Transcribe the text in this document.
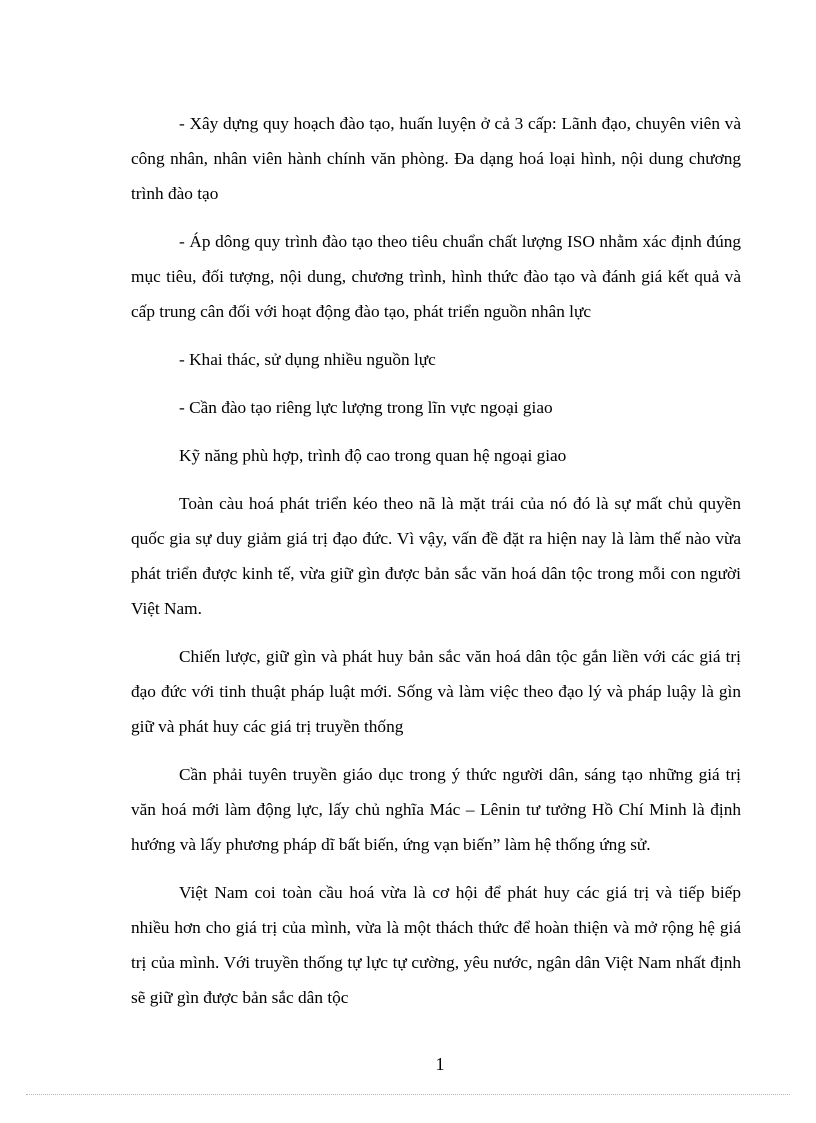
- Xây dựng quy hoạch đào tạo, huấn luyện ở cả 3 cấp: Lãnh đạo, chuyên viên và công nhân, nhân viên hành chính văn phòng. Đa dạng hoá loại hình, nội dung chương trình đào tạo

- Áp dông quy trình đào tạo theo tiêu chuẩn chất lượng ISO nhằm xác định đúng mục tiêu, đối tượng, nội dung, chương trình, hình thức đào tạo và đánh giá kết quả và cấp trung cân đối với hoạt động đào tạo, phát triển nguồn nhân lực

- Khai thác, sử dụng nhiều nguồn lực

- Cần đào tạo riêng lực lượng trong lĩn vực ngoại giao

Kỹ năng phù hợp, trình độ cao trong quan hệ ngoại giao

Toàn càu hoá phát triển kéo theo nã là mặt trái của nó đó là sự mất chủ quyền quốc gia sự duy giảm giá trị đạo đức. Vì vậy, vấn đề đặt ra hiện nay là làm thế nào vừa phát triển được kinh tế, vừa giữ gìn được bản sắc văn hoá dân tộc trong mỗi con người Việt Nam.

Chiến lược, giữ gìn và phát huy bản sắc văn hoá dân tộc gắn liền với các giá trị đạo đức với tinh thuật pháp luật mới. Sống và làm việc theo đạo lý và pháp luậy là gìn giữ và phát huy các giá trị truyền thống

Cần phải tuyên truyền giáo dục trong ý thức người dân, sáng tạo những giá trị văn hoá mới làm động lực, lấy chủ nghĩa Mác – Lênin tư tưởng Hồ Chí Minh là định hướng và lấy phương pháp dĩ bất biến, ứng vạn biến” làm hệ thống ứng sử.

Việt Nam coi toàn cầu hoá vừa là cơ hội để phát huy các giá trị và tiếp biếp nhiều hơn cho giá trị của mình, vừa là một thách thức để hoàn thiện và mở rộng hệ giá trị của mình. Với truyền thống tự lực tự cường, yêu nước, ngân dân Việt Nam nhất định sẽ giữ gìn được bản sắc dân tộc

1
